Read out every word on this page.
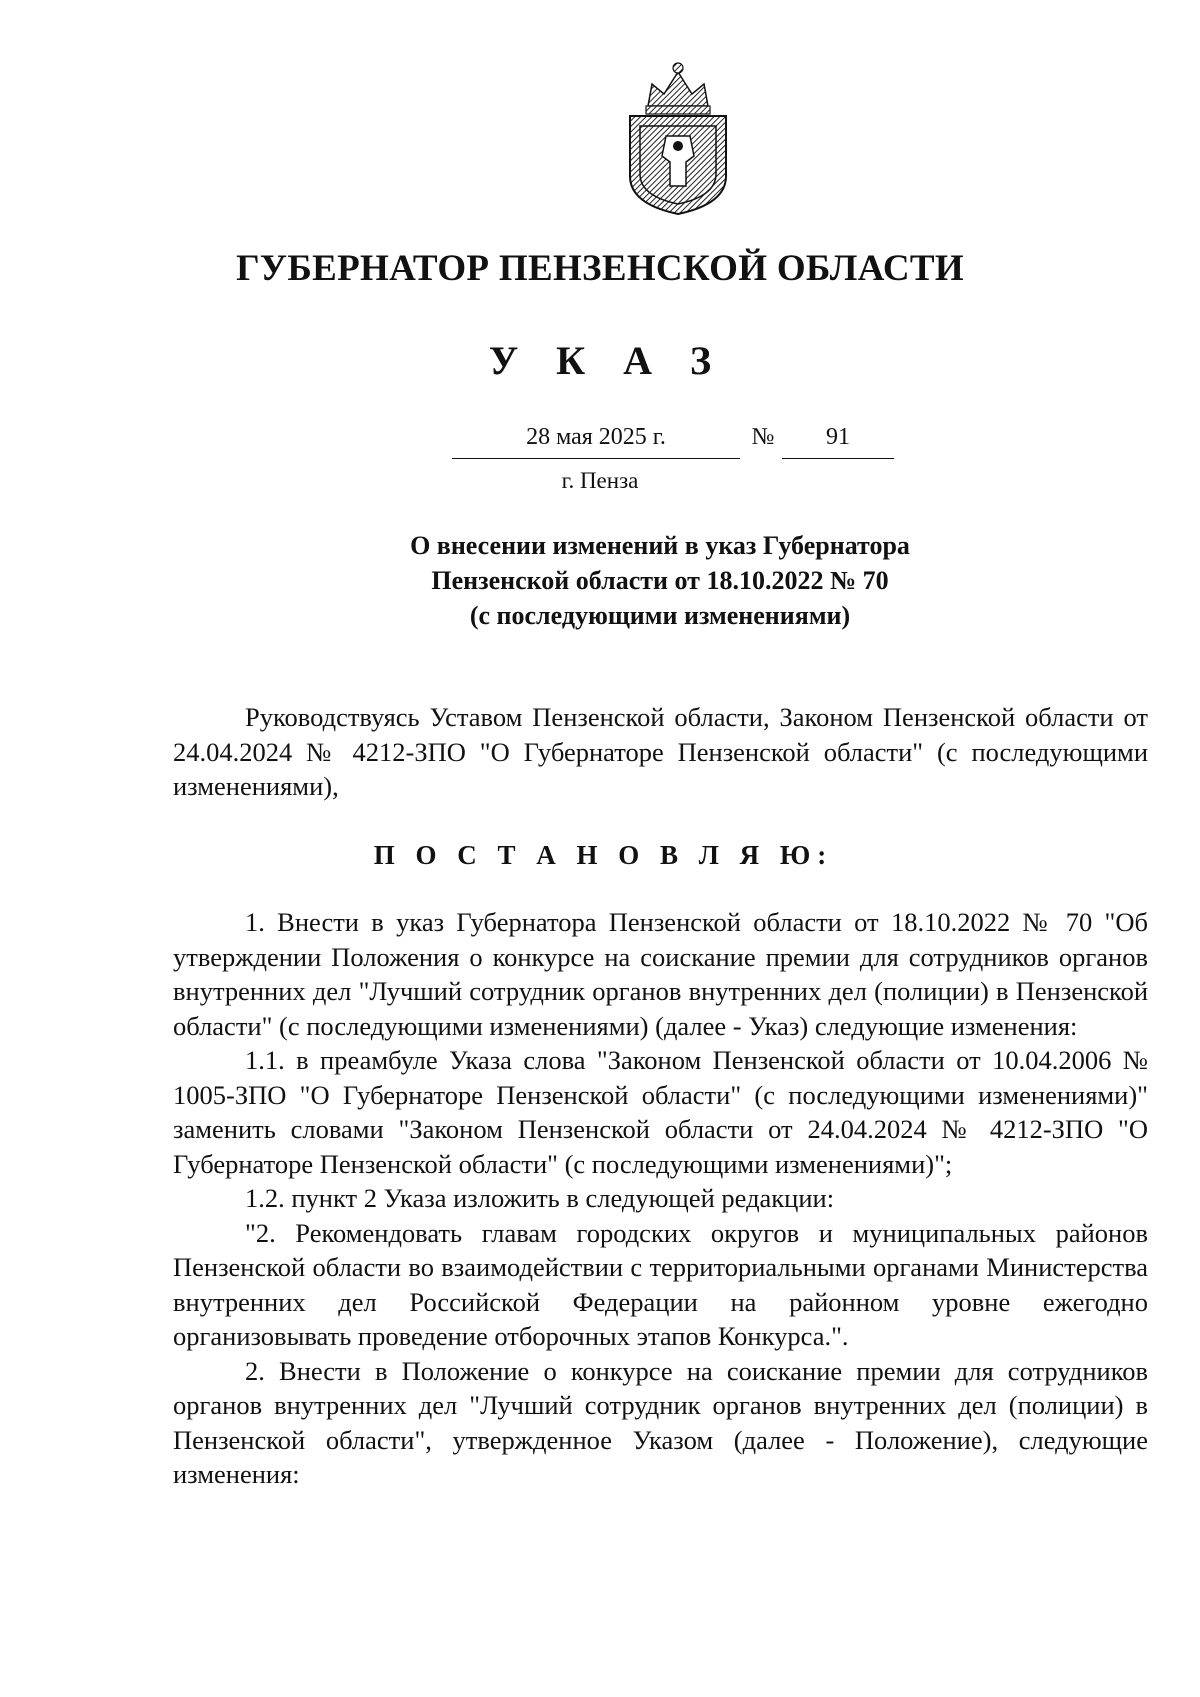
ГУБЕРНАТОР ПЕНЗЕНСКОЙ ОБЛАСТИ
У К А З
28 мая 2025 г.	№	91
г. Пенза
О внесении изменений в указ Губернатора
Пензенской области от 18.10.2022 № 70
(с последующими изменениями)

Руководствуясь Уставом Пензенской области, Законом Пензенской области от 24.04.2024 № 4212-ЗПО "О Губернаторе Пензенской области" (с последующими изменениями),

П О С Т А Н О В Л Я Ю:

1. Внести в указ Губернатора Пензенской области от 18.10.2022 № 70 "Об утверждении Положения о конкурсе на соискание премии для сотрудников органов внутренних дел "Лучший сотрудник органов внутренних дел (полиции) в Пензенской области" (с последующими изменениями) (далее - Указ) следующие изменения:

1.1. в преамбуле Указа слова "Законом Пензенской области от 10.04.2006 № 1005-ЗПО "О Губернаторе Пензенской области" (с последующими изменениями)" заменить словами "Законом Пензенской области от 24.04.2024 № 4212-ЗПО "О Губернаторе Пензенской области" (с последующими изменениями)";

1.2. пункт 2 Указа изложить в следующей редакции:

"2. Рекомендовать главам городских округов и муниципальных районов Пензенской области во взаимодействии с территориальными органами Министерства внутренних дел Российской Федерации на районном уровне ежегодно организовывать проведение отборочных этапов Конкурса.".

2. Внести в Положение о конкурсе на соискание премии для сотрудников органов внутренних дел "Лучший сотрудник органов внутренних дел (полиции) в Пензенской области", утвержденное Указом (далее - Положение), следующие изменения:
